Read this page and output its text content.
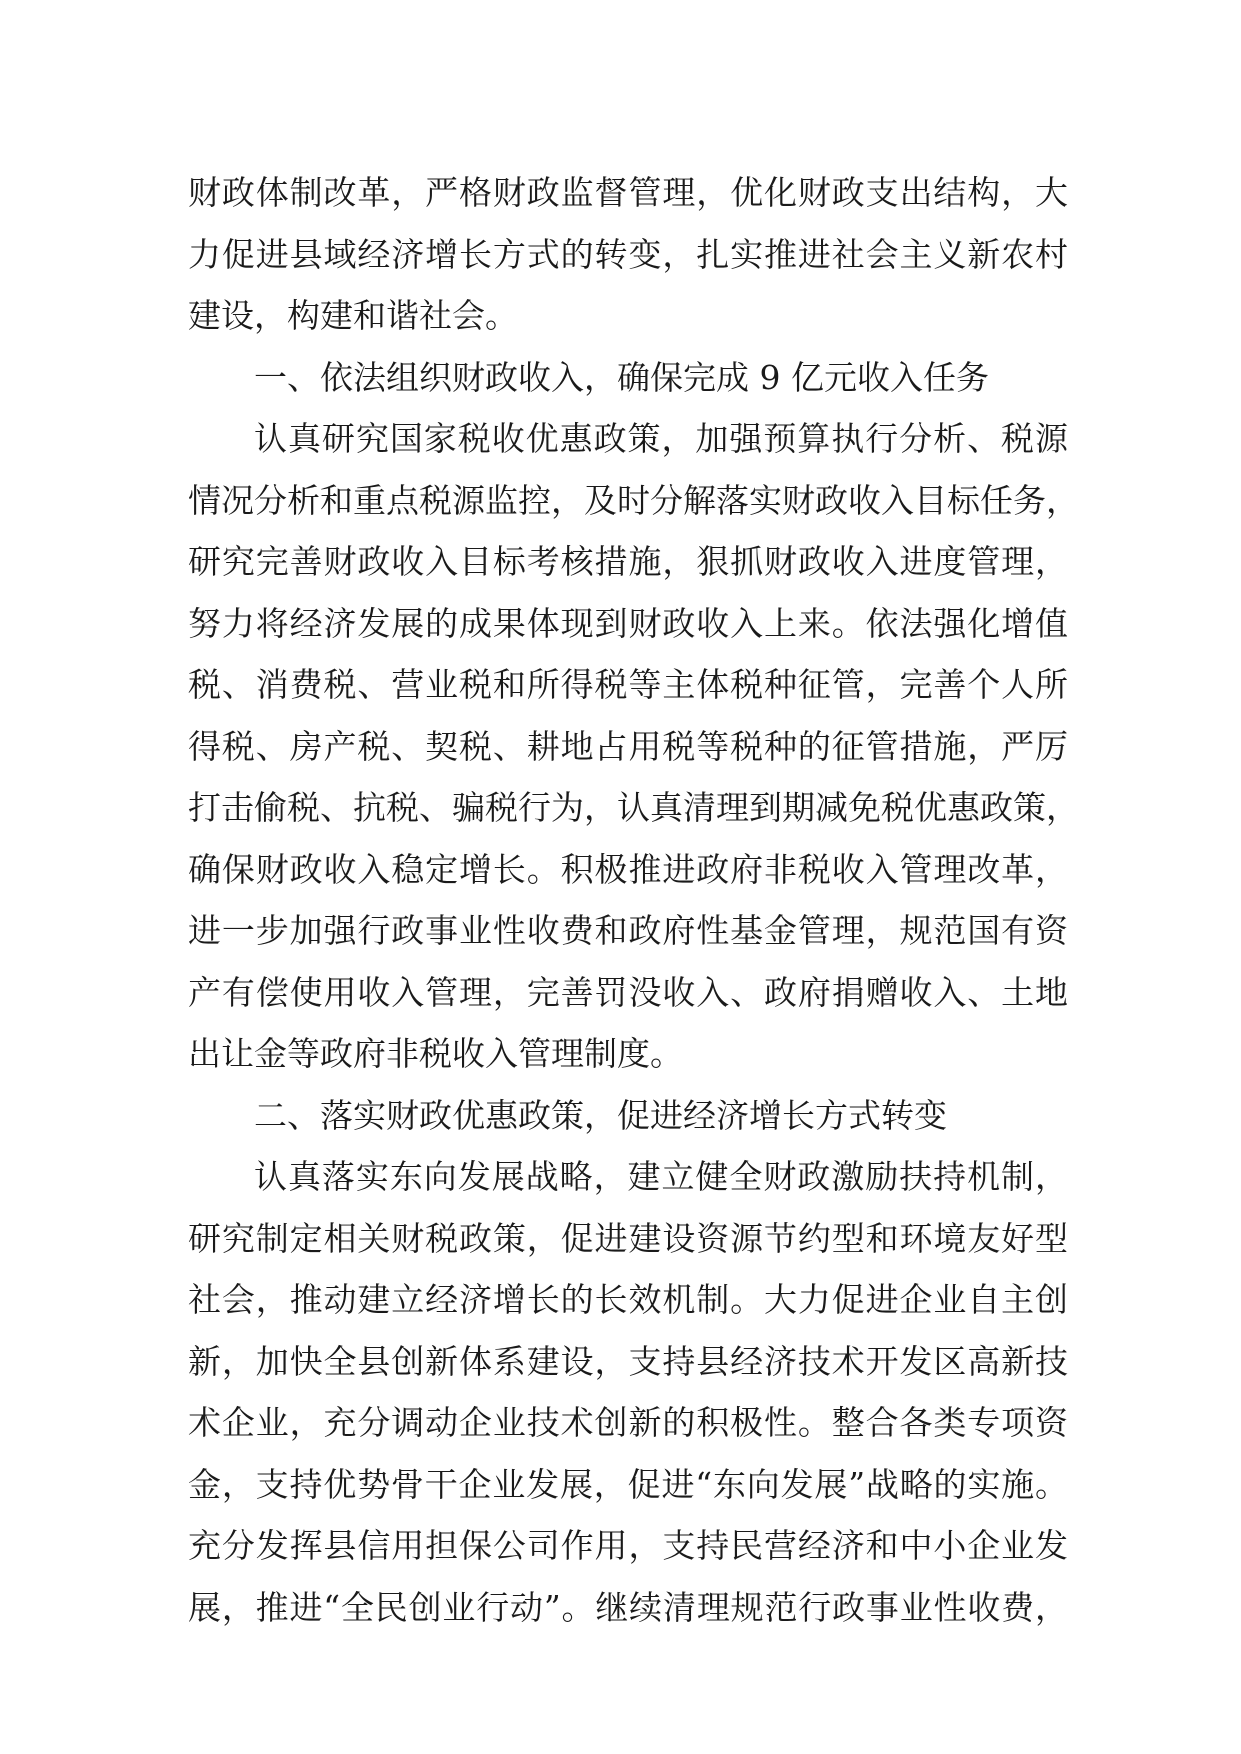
财政体制改革，严格财政监督管理，优化财政支出结构，大
力促进县域经济增长方式的转变，扎实推进社会主义新农村
建设，构建和谐社会。
一、依法组织财政收入，确保完成 9 亿元收入任务
认真研究国家税收优惠政策，加强预算执行分析、税源
情况分析和重点税源监控，及时分解落实财政收入目标任务，
研究完善财政收入目标考核措施，狠抓财政收入进度管理，
努力将经济发展的成果体现到财政收入上来。依法强化增值
税、消费税、营业税和所得税等主体税种征管，完善个人所
得税、房产税、契税、耕地占用税等税种的征管措施，严厉
打击偷税、抗税、骗税行为，认真清理到期减免税优惠政策，
确保财政收入稳定增长。积极推进政府非税收入管理改革，
进一步加强行政事业性收费和政府性基金管理，规范国有资
产有偿使用收入管理，完善罚没收入、政府捐赠收入、土地
出让金等政府非税收入管理制度。
二、落实财政优惠政策，促进经济增长方式转变
认真落实东向发展战略，建立健全财政激励扶持机制，
研究制定相关财税政策，促进建设资源节约型和环境友好型
社会，推动建立经济增长的长效机制。大力促进企业自主创
新，加快全县创新体系建设，支持县经济技术开发区高新技
术企业，充分调动企业技术创新的积极性。整合各类专项资
金，支持优势骨干企业发展，促进“东向发展”战略的实施。
充分发挥县信用担保公司作用，支持民营经济和中小企业发
展，推进“全民创业行动”。继续清理规范行政事业性收费，
